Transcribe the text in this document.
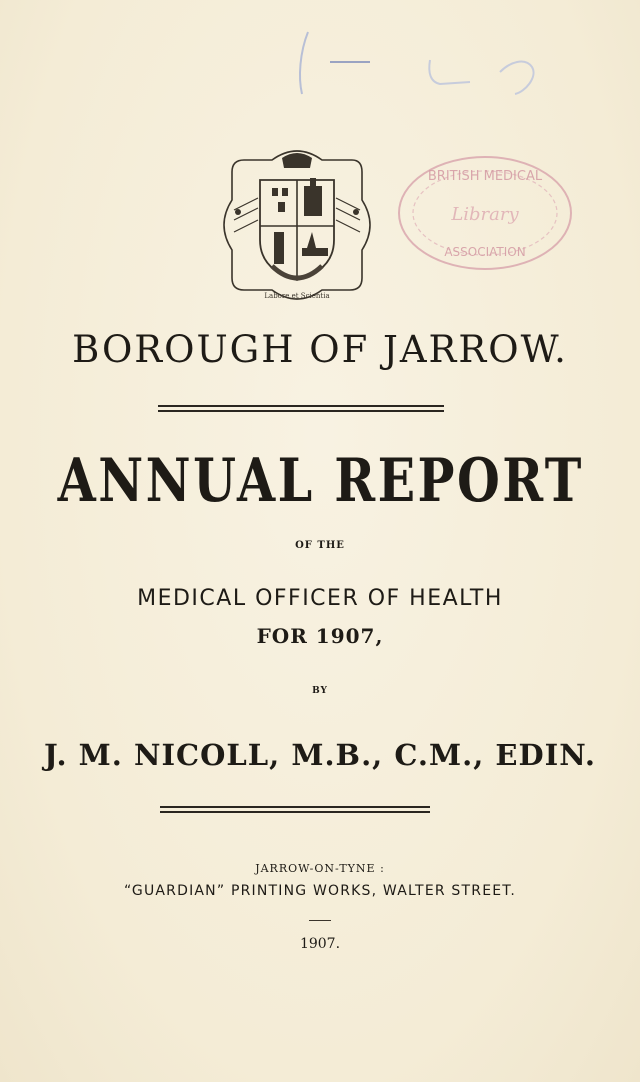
Labore et Scientia
BRITISH MEDICAL
Library
ASSOCIATION
BOROUGH OF JARROW.
ANNUAL REPORT
OF THE
MEDICAL OFFICER OF HEALTH
FOR 1907,
BY
J. M. NICOLL, M.B., C.M., EDIN.
JARROW-ON-TYNE :
“GUARDIAN” PRINTING WORKS, WALTER STREET.
1907.
